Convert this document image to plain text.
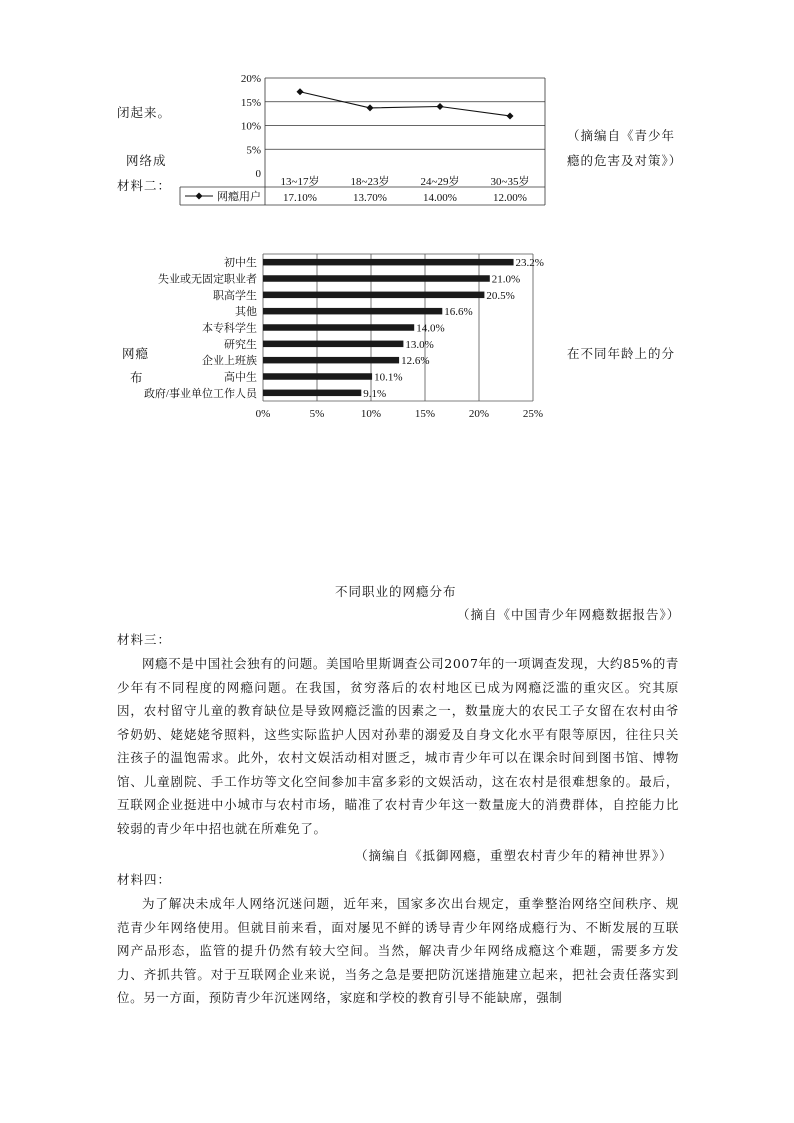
闭起来。
网络成
材料二：
（摘编自《青少年
瘾的危害及对策》）
20%
15%
10%
5%
0
13~17岁	18~23岁	24~29岁	30~35岁
网瘾用户 17.10%	13.70%	14.00%	12.00%
网瘾
布
在不同年龄上的分
0%	5%	10%	15%	20%	25%
初中生	23.2%
失业或无固定职业者	21.0%
职高学生	20.5%
其他	16.6%
本专科学生	14.0%
研究生	13.0%
企业上班族	12.6%
高中生	10.1%
政府/事业单位工作人员	9.1%
不同职业的网瘾分布
（摘自《中国青少年网瘾数据报告》）
材料三：
网瘾不是中国社会独有的问题。美国哈里斯调查公司2007年的一项调查发现，大约85%的青少年有不同程度的网瘾问题。在我国，贫穷落后的农村地区已成为网瘾泛滥的重灾区。究其原因，农村留守儿童的教育缺位是导致网瘾泛滥的因素之一，数量庞大的农民工子女留在农村由爷爷奶奶、姥姥姥爷照料，这些实际监护人因对孙辈的溺爱及自身文化水平有限等原因，往往只关注孩子的温饱需求。此外，农村文娱活动相对匮乏，城市青少年可以在课余时间到图书馆、博物馆、儿童剧院、手工作坊等文化空间参加丰富多彩的文娱活动，这在农村是很难想象的。最后，互联网企业挺进中小城市与农村市场，瞄准了农村青少年这一数量庞大的消费群体，自控能力比较弱的青少年中招也就在所难免了。
（摘编自《抵御网瘾，重塑农村青少年的精神世界》）
材料四：
为了解决未成年人网络沉迷问题，近年来，国家多次出台规定，重拳整治网络空间秩序、规范青少年网络使用。但就目前来看，面对屡见不鲜的诱导青少年网络成瘾行为、不断发展的互联网产品形态，监管的提升仍然有较大空间。当然，解决青少年网络成瘾这个难题，需要多方发力、齐抓共管。对于互联网企业来说，当务之急是要把防沉迷措施建立起来，把社会责任落实到位。另一方面，预防青少年沉迷网络，家庭和学校的教育引导不能缺席，强制
